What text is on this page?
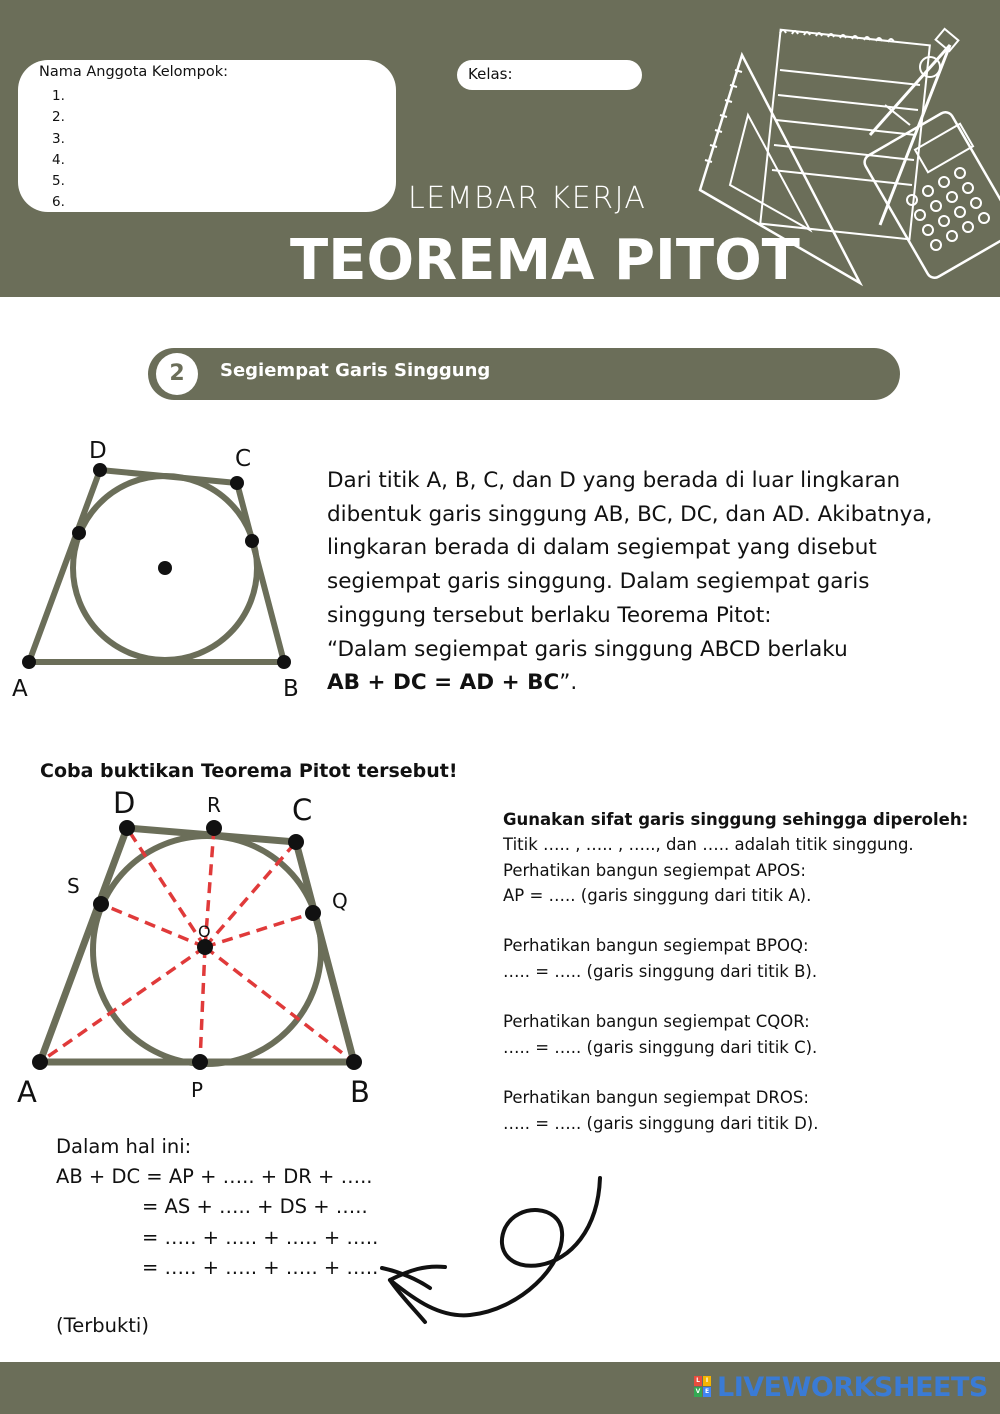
Nama Anggota Kelompok:
1.
2.
3.
4.
5.
6.
Kelas:
LEMBAR KERJA
TEOREMA PITOT
2	Segiempat Garis Singgung
A	B
C
D
Dari titik A, B, C, dan D yang berada di luar lingkaran
dibentuk garis singgung AB, BC, DC, dan AD. Akibatnya,
lingkaran berada di dalam segiempat yang disebut
segiempat garis singgung. Dalam segiempat garis
singgung tersebut berlaku Teorema Pitot:
“Dalam segiempat garis singgung ABCD berlaku
AB + DC = AD + BC”.
Coba buktikan Teorema Pitot tersebut!
A	B
C
D
P
Q
R
S
O
Gunakan sifat garis singgung sehingga diperoleh:
Titik ….. , ….. , ….., dan ….. adalah titik singgung.
Perhatikan bangun segiempat APOS:
AP = ….. (garis singgung dari titik A).
Perhatikan bangun segiempat BPOQ:
….. = ….. (garis singgung dari titik B).
Perhatikan bangun segiempat CQOR:
….. = ….. (garis singgung dari titik C).
Perhatikan bangun segiempat DROS:
….. = ….. (garis singgung dari titik D).
Dalam hal ini:
AB + DC = AP + ….. + DR + …..
= AS + ….. + DS + …..
= ….. + ….. + ….. + …..
= ….. + ….. + ….. + …..
(Terbukti)
L I
V E LIVEWORKSHEETS
